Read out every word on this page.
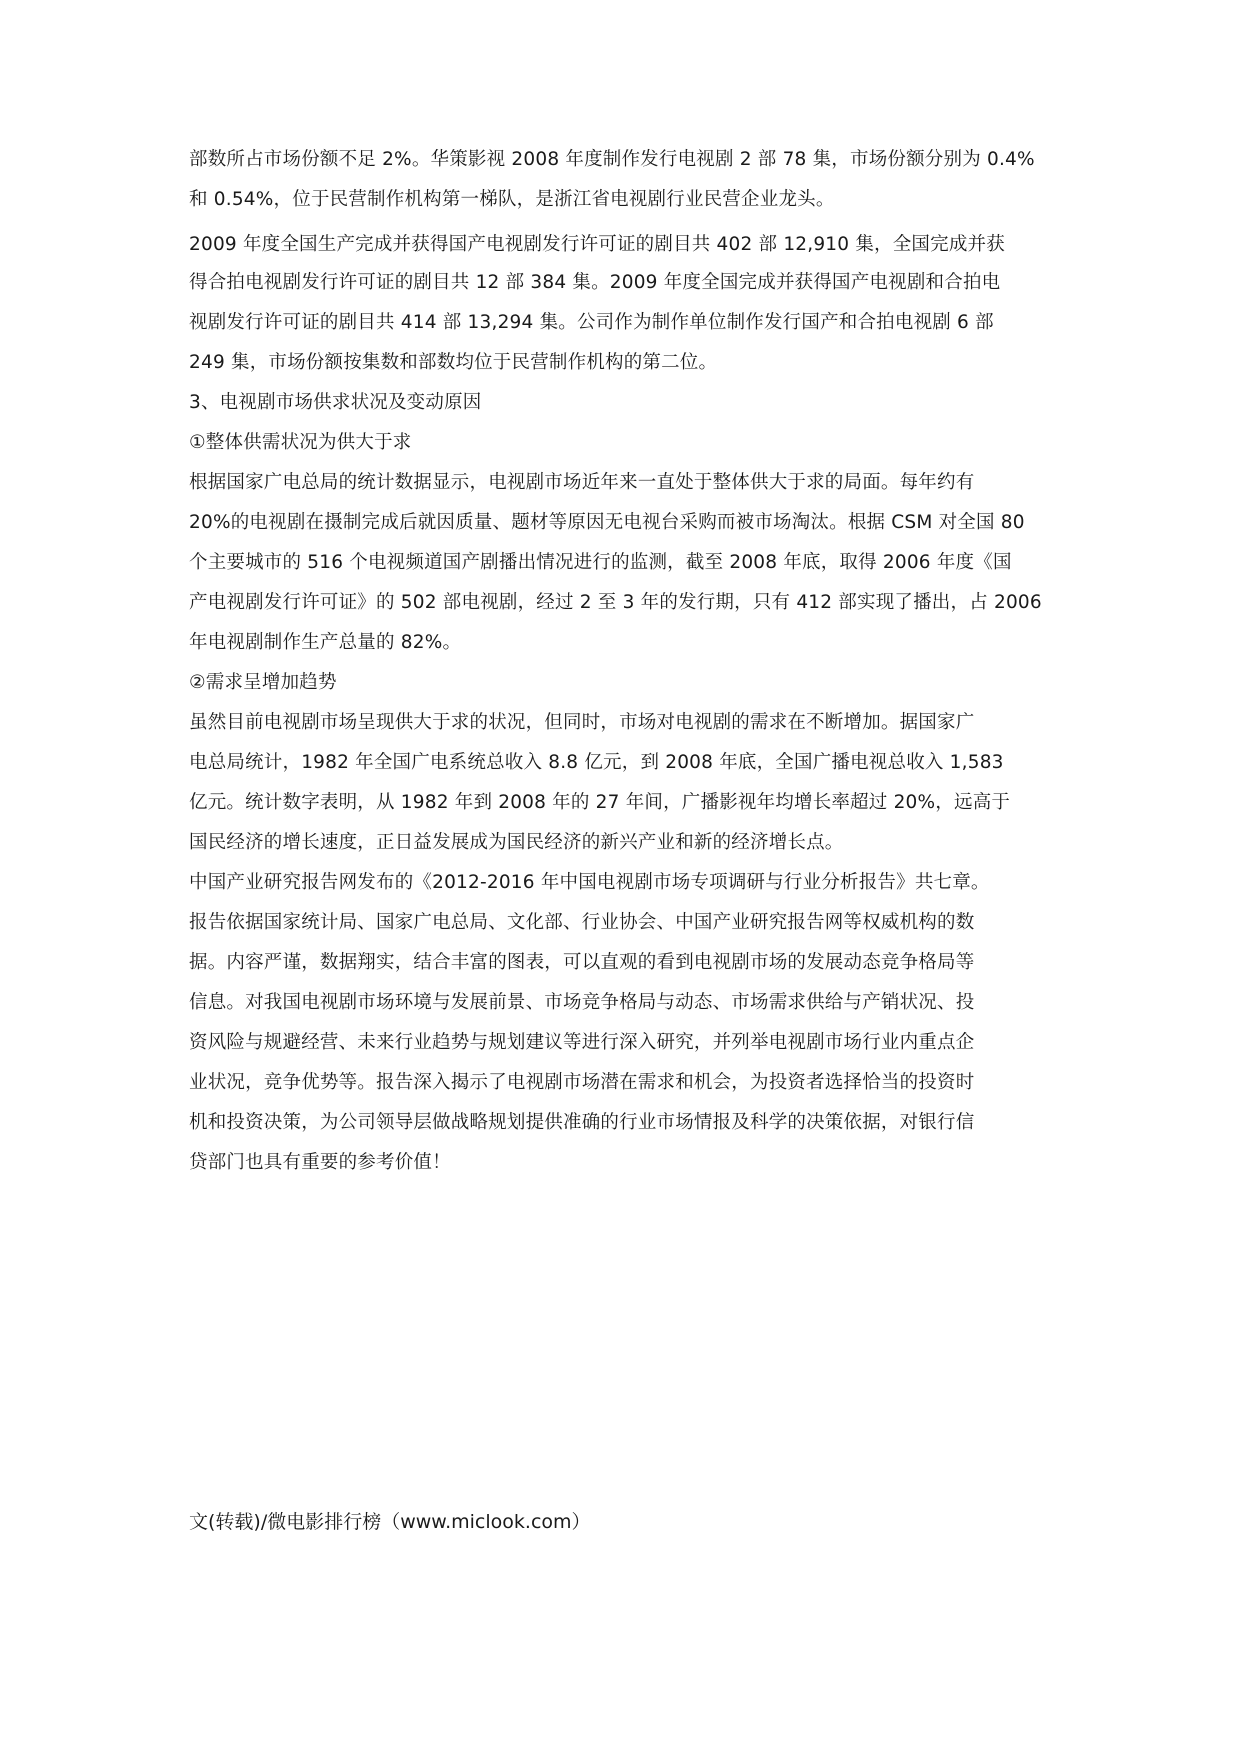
部数所占市场份额不足 2%。华策影视 2008 年度制作发行电视剧 2 部 78 集，市场份额分别为 0.4%
和 0.54%，位于民营制作机构第一梯队，是浙江省电视剧行业民营企业龙头。
2009 年度全国生产完成并获得国产电视剧发行许可证的剧目共 402 部 12,910 集，全国完成并获
得合拍电视剧发行许可证的剧目共 12 部 384 集。2009 年度全国完成并获得国产电视剧和合拍电
视剧发行许可证的剧目共 414 部 13,294 集。公司作为制作单位制作发行国产和合拍电视剧 6 部
249 集，市场份额按集数和部数均位于民营制作机构的第二位。
3、电视剧市场供求状况及变动原因
①整体供需状况为供大于求
根据国家广电总局的统计数据显示，电视剧市场近年来一直处于整体供大于求的局面。每年约有
20%的电视剧在摄制完成后就因质量、题材等原因无电视台采购而被市场淘汰。根据 CSM 对全国 80
个主要城市的 516 个电视频道国产剧播出情况进行的监测，截至 2008 年底，取得 2006 年度《国
产电视剧发行许可证》的 502 部电视剧，经过 2 至 3 年的发行期，只有 412 部实现了播出，占 2006
年电视剧制作生产总量的 82%。
②需求呈增加趋势
虽然目前电视剧市场呈现供大于求的状况，但同时，市场对电视剧的需求在不断增加。据国家广
电总局统计，1982 年全国广电系统总收入 8.8 亿元，到 2008 年底，全国广播电视总收入 1,583
亿元。统计数字表明，从 1982 年到 2008 年的 27 年间，广播影视年均增长率超过 20%，远高于
国民经济的增长速度，正日益发展成为国民经济的新兴产业和新的经济增长点。
中国产业研究报告网发布的《2012-2016 年中国电视剧市场专项调研与行业分析报告》共七章。
报告依据国家统计局、国家广电总局、文化部、行业协会、中国产业研究报告网等权威机构的数
据。内容严谨，数据翔实，结合丰富的图表，可以直观的看到电视剧市场的发展动态竞争格局等
信息。对我国电视剧市场环境与发展前景、市场竞争格局与动态、市场需求供给与产销状况、投
资风险与规避经营、未来行业趋势与规划建议等进行深入研究，并列举电视剧市场行业内重点企
业状况，竞争优势等。报告深入揭示了电视剧市场潜在需求和机会，为投资者选择恰当的投资时
机和投资决策，为公司领导层做战略规划提供准确的行业市场情报及科学的决策依据，对银行信
贷部门也具有重要的参考价值！
文(转载)/微电影排行榜（www.miclook.com）
